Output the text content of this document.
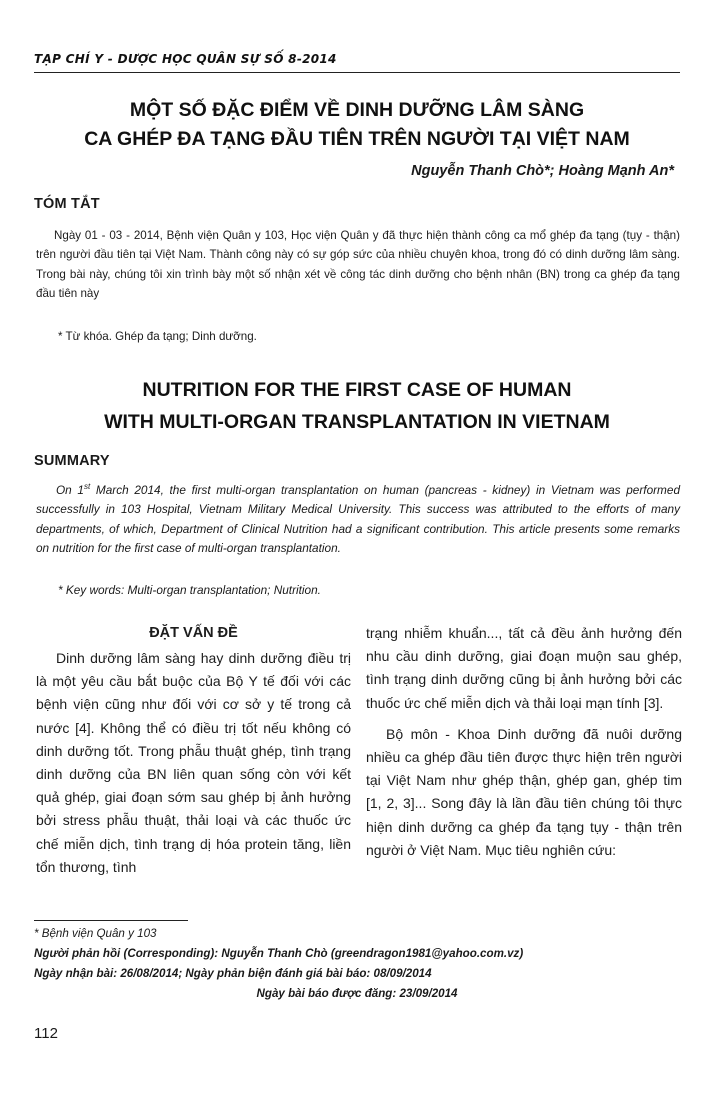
TẠP CHÍ Y - DƯỢC HỌC QUÂN SỰ SỐ 8-2014
MỘT SỐ ĐẶC ĐIỂM VỀ DINH DƯỠNG LÂM SÀNG
CA GHÉP ĐA TẠNG ĐẦU TIÊN TRÊN NGƯỜI TẠI VIỆT NAM
Nguyễn Thanh Chò*; Hoàng Mạnh An*
TÓM TẮT

Ngày 01 - 03 - 2014, Bệnh viện Quân y 103, Học viện Quân y đã thực hiện thành công ca mổ ghép đa tạng (tụy - thận) trên người đầu tiên tại Việt Nam. Thành công này có sự góp sức của nhiều chuyên khoa, trong đó có dinh dưỡng lâm sàng. Trong bài này, chúng tôi xin trình bày một số nhận xét về công tác dinh dưỡng cho bệnh nhân (BN) trong ca ghép đa tạng đầu tiên này

* Từ khóa. Ghép đa tạng; Dinh dưỡng.
NUTRITION FOR THE FIRST CASE OF HUMAN
WITH MULTI-ORGAN TRANSPLANTATION IN VIETNAM
SUMMARY

On 1st March 2014, the first multi-organ transplantation on human (pancreas - kidney) in Vietnam was performed successfully in 103 Hospital, Vietnam Military Medical University. This success was attributed to the efforts of many departments, of which, Department of Clinical Nutrition had a significant contribution. This article presents some remarks on nutrition for the first case of multi-organ transplantation.

* Key words: Multi-organ transplantation; Nutrition.
ĐẶT VẤN ĐỀ

Dinh dưỡng lâm sàng hay dinh dưỡng điều trị là một yêu cầu bắt buộc của Bộ Y tế đối với các bệnh viện cũng như đối với cơ sở y tế trong cả nước [4]. Không thể có điều trị tốt nếu không có dinh dưỡng tốt. Trong phẫu thuật ghép, tình trạng dinh dưỡng của BN liên quan sống còn với kết quả ghép, giai đoạn sớm sau ghép bị ảnh hưởng bởi stress phẫu thuật, thải loại và các thuốc ức chế miễn dịch, tình trạng dị hóa protein tăng, liền tổn thương, tình

trạng nhiễm khuẩn..., tất cả đều ảnh hưởng đến nhu cầu dinh dưỡng, giai đoạn muộn sau ghép, tình trạng dinh dưỡng cũng bị ảnh hưởng bởi các thuốc ức chế miễn dịch và thải loại mạn tính [3].

Bộ môn - Khoa Dinh dưỡng đã nuôi dưỡng nhiều ca ghép đầu tiên được thực hiện trên người tại Việt Nam như ghép thận, ghép gan, ghép tim [1, 2, 3]... Song đây là lần đầu tiên chúng tôi thực hiện dinh dưỡng ca ghép đa tạng tụy - thận trên người ở Việt Nam. Mục tiêu nghiên cứu:

* Bệnh viện Quân y 103
Người phản hồi (Corresponding): Nguyễn Thanh Chò (greendragon1981@yahoo.com.vz)
Ngày nhận bài: 26/08/2014; Ngày phản biện đánh giá bài báo: 08/09/2014
Ngày bài báo được đăng: 23/09/2014
112
